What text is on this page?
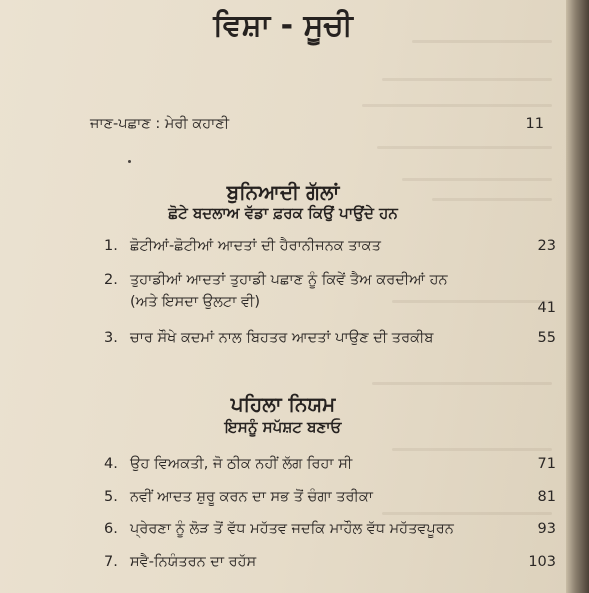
ਵਿਸ਼ਾ - ਸੂਚੀ
ਜਾਣ-ਪਛਾਣ : ਮੇਰੀ ਕਹਾਣੀ	11
ਬੁਨਿਆਦੀ ਗੱਲਾਂ
ਛੋਟੇ ਬਦਲਾਅ ਵੱਡਾ ਫ਼ਰਕ ਕਿਉਂ ਪਾਉਂਦੇ ਹਨ
1. ਛੋਟੀਆਂ-ਛੋਟੀਆਂ ਆਦਤਾਂ ਦੀ ਹੈਰਾਨੀਜਨਕ ਤਾਕਤ	23
2. ਤੁਹਾਡੀਆਂ ਆਦਤਾਂ ਤੁਹਾਡੀ ਪਛਾਣ ਨੂੰ ਕਿਵੇਂ ਤੈਅ ਕਰਦੀਆਂ ਹਨ
(ਅਤੇ ਇਸਦਾ ਉਲਟਾ ਵੀ)	41
3. ਚਾਰ ਸੌਖੇ ਕਦਮਾਂ ਨਾਲ ਬਿਹਤਰ ਆਦਤਾਂ ਪਾਉਣ ਦੀ ਤਰਕੀਬ	55
ਪਹਿਲਾ ਨਿਯਮ
ਇਸਨੂੰ ਸਪੱਸ਼ਟ ਬਣਾਓ
4. ਉਹ ਵਿਅਕਤੀ, ਜੋ ਠੀਕ ਨਹੀਂ ਲੱਗ ਰਿਹਾ ਸੀ	71
5. ਨਵੀਂ ਆਦਤ ਸ਼ੁਰੂ ਕਰਨ ਦਾ ਸਭ ਤੋਂ ਚੰਗਾ ਤਰੀਕਾ	81
6. ਪ੍ਰੇਰਣਾ ਨੂੰ ਲੋੜ ਤੋਂ ਵੱਧ ਮਹੱਤਵ ਜਦਕਿ ਮਾਹੌਲ ਵੱਧ ਮਹੱਤਵਪੂਰਨ	93
7. ਸਵੈ-ਨਿਯੰਤਰਨ ਦਾ ਰਹੱਸ	103
